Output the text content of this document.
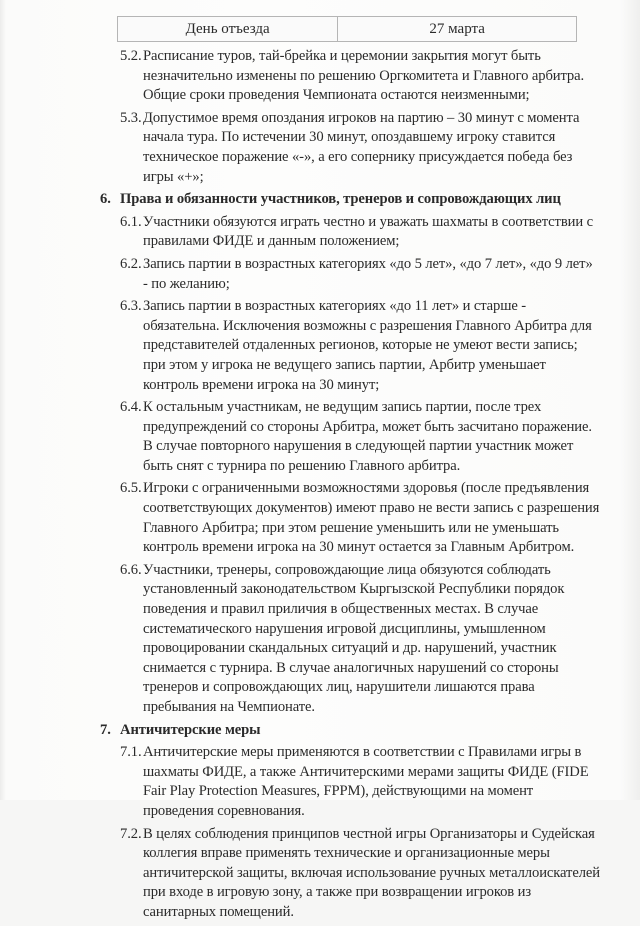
День отъезда	27 марта
5.2. Расписание туров, тай-брейка и церемонии закрытия могут быть незначительно изменены по решению Оргкомитета и Главного арбитра. Общие сроки проведения Чемпионата остаются неизменными;
5.3. Допустимое время опоздания игроков на партию – 30 минут с момента начала тура. По истечении 30 минут, опоздавшему игроку ставится техническое поражение «-», а его сопернику присуждается победа без игры «+»;
6. Права и обязанности участников, тренеров и сопровождающих лиц
6.1. Участники обязуются играть честно и уважать шахматы в соответствии с правилами ФИДЕ и данным положением;
6.2. Запись партии в возрастных категориях «до 5 лет», «до 7 лет», «до 9 лет» - по желанию;
6.3. Запись партии в возрастных категориях «до 11 лет» и старше - обязательна. Исключения возможны с разрешения Главного Арбитра для представителей отдаленных регионов, которые не умеют вести запись; при этом у игрока не ведущего запись партии, Арбитр уменьшает контроль времени игрока на 30 минут;
6.4. К остальным участникам, не ведущим запись партии, после трех предупреждений со стороны Арбитра, может быть засчитано поражение. В случае повторного нарушения в следующей партии участник может быть снят с турнира по решению Главного арбитра.
6.5. Игроки с ограниченными возможностями здоровья (после предъявления соответствующих документов) имеют право не вести запись с разрешения Главного Арбитра; при этом решение уменьшить или не уменьшать контроль времени игрока на 30 минут остается за Главным Арбитром.
6.6. Участники, тренеры, сопровождающие лица обязуются соблюдать установленный законодательством Кыргызской Республики порядок поведения и правил приличия в общественных местах. В случае систематического нарушения игровой дисциплины, умышленном провоцировании скандальных ситуаций и др. нарушений, участник снимается с турнира. В случае аналогичных нарушений со стороны тренеров и сопровождающих лиц, нарушители лишаются права пребывания на Чемпионате.
7. Античитерские меры
7.1. Античитерские меры применяются в соответствии с Правилами игры в шахматы ФИДЕ, а также Античитерскими мерами защиты ФИДЕ (FIDE Fair Play Protection Measures, FPPM), действующими на момент проведения соревнования.
7.2. В целях соблюдения принципов честной игры Организаторы и Судейская коллегия вправе применять технические и организационные меры античитерской защиты, включая использование ручных металлоискателей при входе в игровую зону, а также при возвращении игроков из санитарных помещений.
